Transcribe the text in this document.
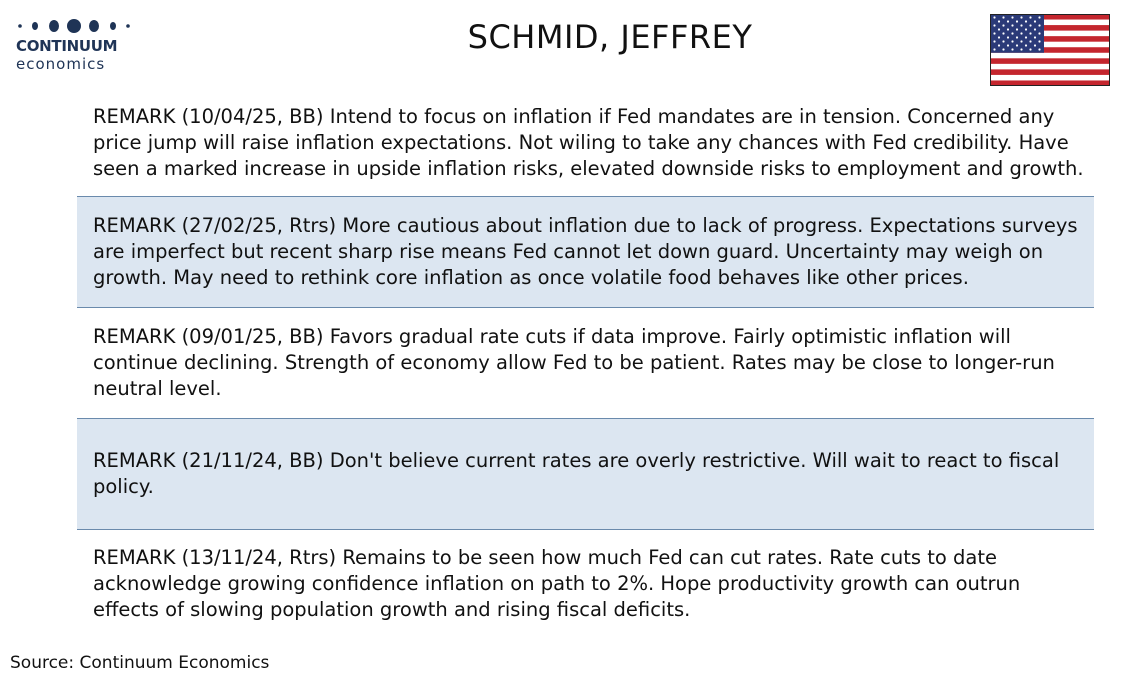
CONTINUUM
economics
SCHMID, JEFFREY
REMARK (10/04/25, BB) Intend to focus on inflation if Fed mandates are in tension. Concerned any price jump will raise inflation expectations. Not wiling to take any chances with Fed credibility. Have seen a marked increase in upside inflation risks, elevated downside risks to employment and growth.
REMARK (27/02/25, Rtrs) More cautious about inflation due to lack of progress. Expectations surveys are imperfect but recent sharp rise means Fed cannot let down guard. Uncertainty may weigh on growth. May need to rethink core inflation as once volatile food behaves like other prices.
REMARK (09/01/25, BB) Favors gradual rate cuts if data improve. Fairly optimistic inflation will continue declining. Strength of economy allow Fed to be patient. Rates may be close to longer-run neutral level.
REMARK (21/11/24, BB) Don't believe current rates are overly restrictive. Will wait to react to fiscal policy.
REMARK (13/11/24, Rtrs) Remains to be seen how much Fed can cut rates. Rate cuts to date acknowledge growing confidence inflation on path to 2%. Hope productivity growth can outrun effects of slowing population growth and rising fiscal deficits.
Source: Continuum Economics
